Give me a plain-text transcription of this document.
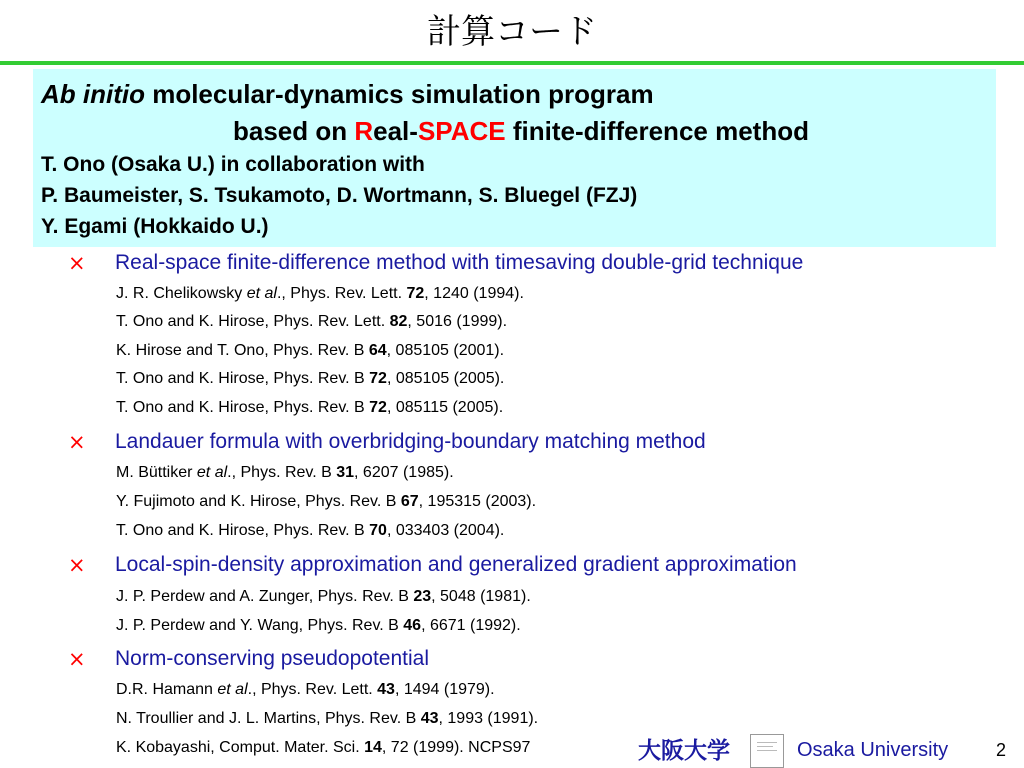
計算コード
Ab initio molecular-dynamics simulation program
based on Real-SPACE finite-difference method
T. Ono (Osaka U.) in collaboration with
P. Baumeister, S. Tsukamoto, D. Wortmann, S. Bluegel (FZJ)
Y. Egami (Hokkaido U.)
× Real-space finite-difference method with timesaving double-grid technique
J. R. Chelikowsky et al., Phys. Rev. Lett. 72, 1240 (1994).
T. Ono and K. Hirose, Phys. Rev. Lett. 82, 5016 (1999).
K. Hirose and T. Ono, Phys. Rev. B 64, 085105 (2001).
T. Ono and K. Hirose, Phys. Rev. B 72, 085105 (2005).
T. Ono and K. Hirose, Phys. Rev. B 72, 085115 (2005).
× Landauer formula with overbridging-boundary matching method
M. Büttiker et al., Phys. Rev. B 31, 6207 (1985).
Y. Fujimoto and K. Hirose, Phys. Rev. B 67, 195315 (2003).
T. Ono and K. Hirose, Phys. Rev. B 70, 033403 (2004).
× Local-spin-density approximation and generalized gradient approximation
J. P. Perdew and A. Zunger, Phys. Rev. B 23, 5048 (1981).
J. P. Perdew and Y. Wang, Phys. Rev. B 46, 6671 (1992).
× Norm-conserving pseudopotential
D.R. Hamann et al., Phys. Rev. Lett. 43, 1494 (1979).
N. Troullier and J. L. Martins, Phys. Rev. B 43, 1993 (1991).
K. Kobayashi, Comput. Mater. Sci. 14, 72 (1999). NCPS97	大阪大学	Osaka University	2
